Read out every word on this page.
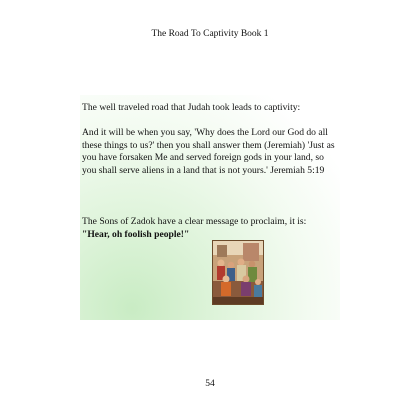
The Road To Captivity Book 1

The well traveled road that Judah took leads to captivity:

And it will be when you say, 'Why does the Lord our God do all these things to us?' then you shall answer them (Jeremiah) 'Just as you have forsaken Me and served foreign gods in your land, so you shall serve aliens in a land that is not yours.' Jeremiah 5:19

The Sons of Zadok have a clear message to proclaim, it is:

"Hear, oh foolish people!"

54
